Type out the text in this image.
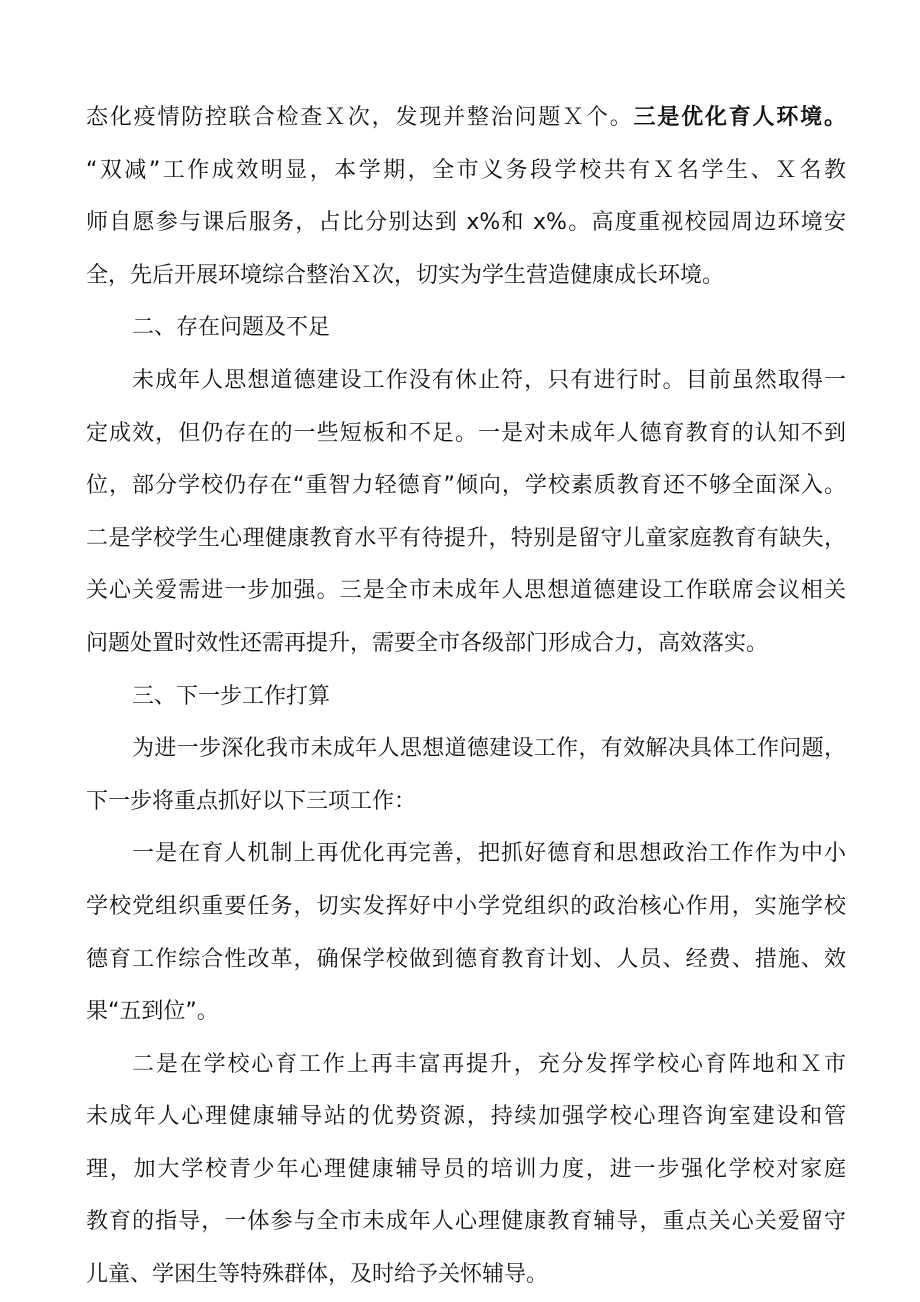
态化疫情防控联合检查Ｘ次，发现并整治问题Ｘ个。三是优化育人环境。
“双减”工作成效明显，本学期，全市义务段学校共有Ｘ名学生、Ｘ名教
师自愿参与课后服务，占比分别达到 x%和 x%。高度重视校园周边环境安
全，先后开展环境综合整治Ｘ次，切实为学生营造健康成长环境。
二、存在问题及不足
未成年人思想道德建设工作没有休止符，只有进行时。目前虽然取得一
定成效，但仍存在的一些短板和不足。一是对未成年人德育教育的认知不到
位，部分学校仍存在“重智力轻德育”倾向，学校素质教育还不够全面深入。
二是学校学生心理健康教育水平有待提升，特别是留守儿童家庭教育有缺失，
关心关爱需进一步加强。三是全市未成年人思想道德建设工作联席会议相关
问题处置时效性还需再提升，需要全市各级部门形成合力，高效落实。
三、下一步工作打算
为进一步深化我市未成年人思想道德建设工作，有效解决具体工作问题，
下一步将重点抓好以下三项工作：
一是在育人机制上再优化再完善，把抓好德育和思想政治工作作为中小
学校党组织重要任务，切实发挥好中小学党组织的政治核心作用，实施学校
德育工作综合性改革，确保学校做到德育教育计划、人员、经费、措施、效
果“五到位”。
二是在学校心育工作上再丰富再提升，充分发挥学校心育阵地和Ｘ市
未成年人心理健康辅导站的优势资源，持续加强学校心理咨询室建设和管
理，加大学校青少年心理健康辅导员的培训力度，进一步强化学校对家庭
教育的指导，一体参与全市未成年人心理健康教育辅导，重点关心关爱留守
儿童、学困生等特殊群体，及时给予关怀辅导。
